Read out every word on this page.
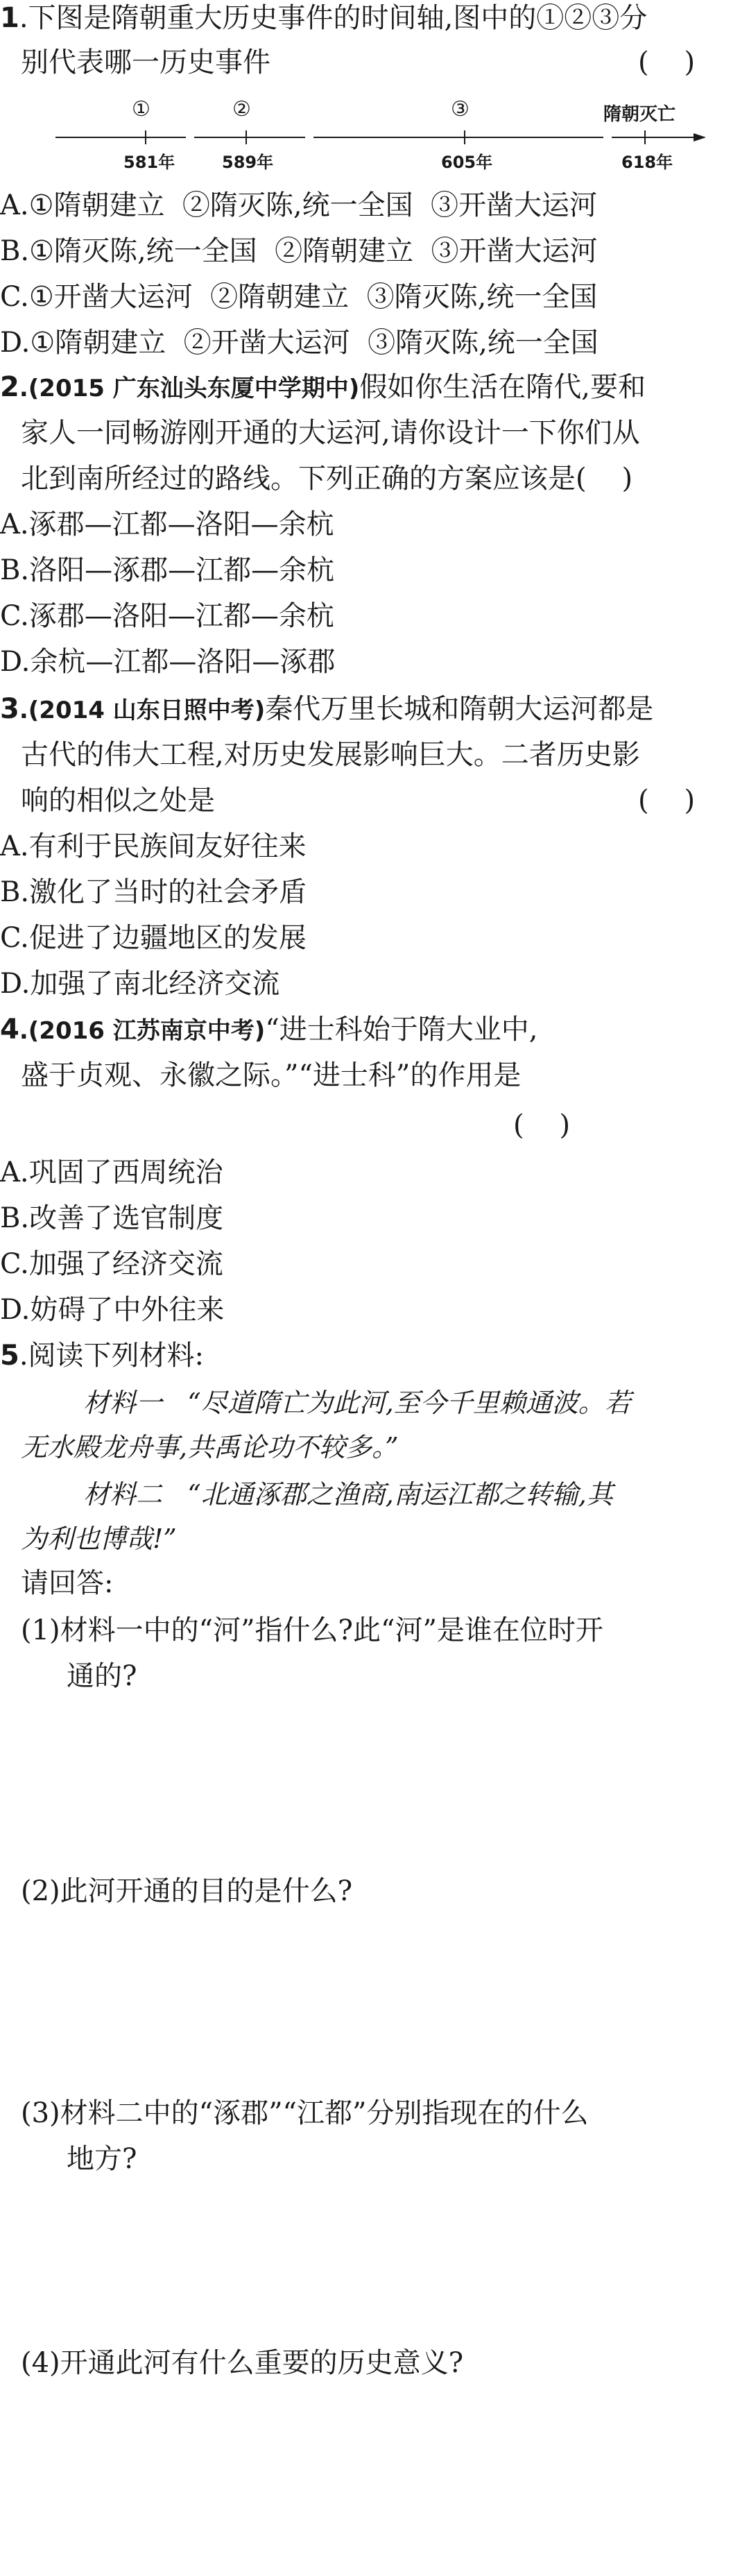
1.下图是隋朝重大历史事件的时间轴,图中的①②③分
别代表哪一历史事件	(    )
①	②	③	隋朝灭亡
581年	589年	605年	618年
A.①隋朝建立  ②隋灭陈,统一全国  ③开凿大运河
B.①隋灭陈,统一全国  ②隋朝建立  ③开凿大运河
C.①开凿大运河  ②隋朝建立  ③隋灭陈,统一全国
D.①隋朝建立  ②开凿大运河  ③隋灭陈,统一全国
2.(2015 广东汕头东厦中学期中)假如你生活在隋代,要和
家人一同畅游刚开通的大运河,请你设计一下你们从
北到南所经过的路线。下列正确的方案应该是(    )
A.涿郡—江都—洛阳—余杭
B.洛阳—涿郡—江都—余杭
C.涿郡—洛阳—江都—余杭
D.余杭—江都—洛阳—涿郡
3.(2014 山东日照中考)秦代万里长城和隋朝大运河都是
古代的伟大工程,对历史发展影响巨大。二者历史影
响的相似之处是	(    )
A.有利于民族间友好往来
B.激化了当时的社会矛盾
C.促进了边疆地区的发展
D.加强了南北经济交流
4.(2016 江苏南京中考)“进士科始于隋大业中,
盛于贞观、永徽之际。”“进士科”的作用是
(    )
A.巩固了西周统治
B.改善了选官制度
C.加强了经济交流
D.妨碍了中外往来
5.阅读下列材料:
材料一 “尽道隋亡为此河,至今千里赖通波。若
无水殿龙舟事,共禹论功不较多。”
材料二 “北通涿郡之渔商,南运江都之转输,其
为利也博哉!”
请回答:
(1)材料一中的“河”指什么?此“河”是谁在位时开
通的?
(2)此河开通的目的是什么?
(3)材料二中的“涿郡”“江都”分别指现在的什么
地方?
(4)开通此河有什么重要的历史意义?
